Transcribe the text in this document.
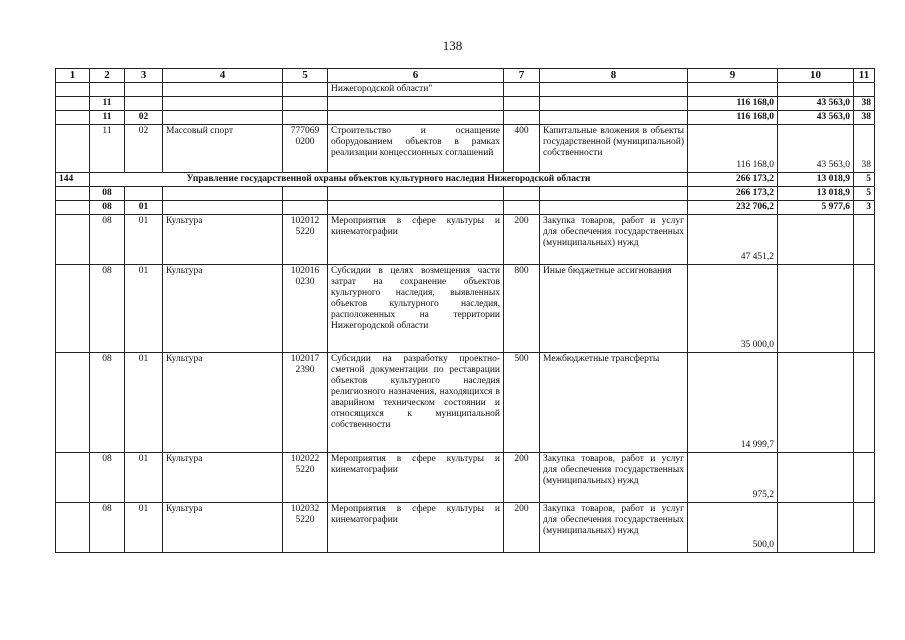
138
1	2	3	4	5	6	7	8	9	10	11
					Нижегородской области"					
	11							116 168,0	43 563,0	38
	11	02						116 168,0	43 563,0	38
	11	02	Массовый спорт	777069 0200	Строительство и оснащение оборудованием объектов в рамках реализации концессионных соглашений	400	Капитальные вложения в объекты государственной (муниципальной) собственности	116 168,0	43 563,0	38
144	Управление государственной охраны объектов культурного наследия Нижегородской области							266 173,2	13 018,9	5
	08							266 173,2	13 018,9	5
	08	01						232 706,2	5 977,6	3
	08	01	Культура	102012 5220	Мероприятия в сфере культуры и кинематографии	200	Закупка товаров, работ и услуг для обеспечения государственных (муниципальных) нужд	47 451,2		
	08	01	Культура	102016 0230	Субсидии в целях возмещения части затрат на сохранение объектов культурного наследия, выявленных объектов культурного наследия, расположенных на территории Нижегородской области	800	Иные бюджетные ассигнования	35 000,0		
	08	01	Культура	102017 2390	Субсидии на разработку проектно-сметной документации по реставрации объектов культурного наследия религиозного назначения, находящихся в аварийном техническом состоянии и относящихся к муниципальной собственности	500	Межбюджетные трансферты	14 999,7		
	08	01	Культура	102022 5220	Мероприятия в сфере культуры и кинематографии	200	Закупка товаров, работ и услуг для обеспечения государственных (муниципальных) нужд	975,2		
	08	01	Культура	102032 5220	Мероприятия в сфере культуры и кинематографии	200	Закупка товаров, работ и услуг для обеспечения государственных (муниципальных) нужд	500,0		
